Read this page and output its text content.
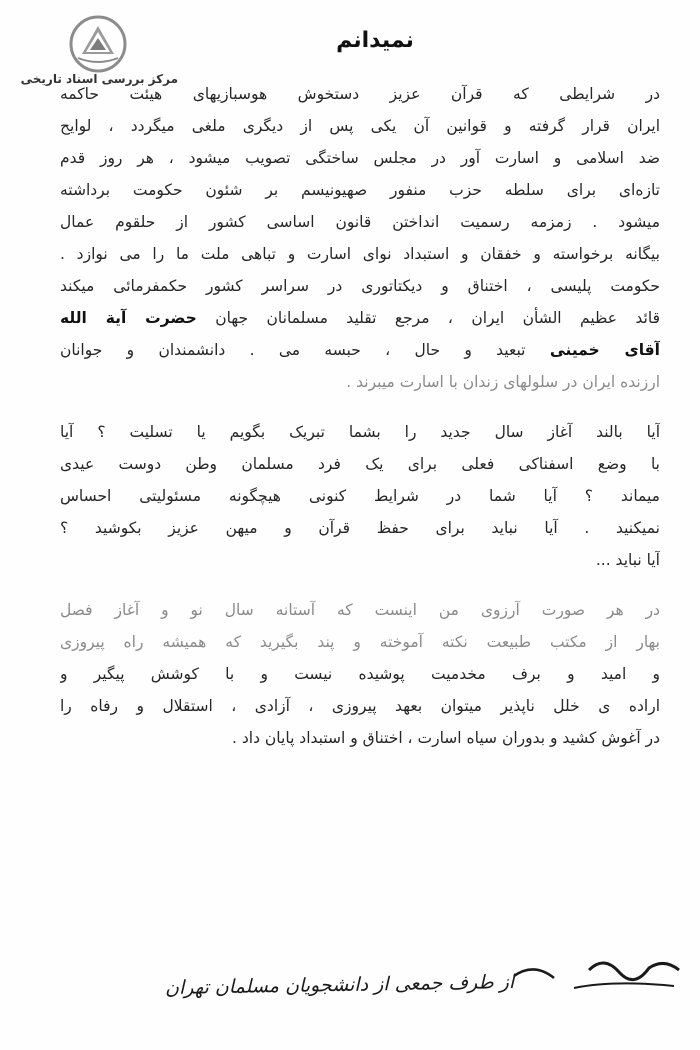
مرکز بررسی اسناد تاریخی
نمیدانم
در شرایطی که قرآن عزیز دستخوش هوسبازیهای هیئت حاکمه
ایران قرار گرفته و قوانین آن یکی پس از دیگری ملغی میگردد ، لوایح
ضد اسلامی و اسارت آور در مجلس ساختگی تصویب میشود ، هر روز قدم
تازه‌ای برای سلطه حزب منفور صهیونیسم بر شئون حکومت برداشته
میشود . زمزمه رسمیت انداختن قانون اساسی کشور از حلقوم عمال
بیگانه برخواسته و خفقان و استبداد نوای اسارت و تباهی ملت ما را می نوازد .
حکومت پلیسی ، اختناق و دیکتاتوری در سراسر کشور حکمفرمائی میکند
قائد عظیم الشأن ایران ، مرجع تقلید مسلمانان جهان حضرت آیة الله
آقای خمینی تبعید و حال ، حبسه می . دانشمندان و جوانان
ارزنده ایران در سلولهای زندان با اسارت میبرند .
آیا بالند آغاز سال جدید را بشما تبریک بگویم یا تسلیت ؟ آیا
با وضع اسفناکی فعلی برای یک فرد مسلمان وطن دوست عیدی
میماند ؟ آیا شما در شرایط کنونی هیچگونه مسئولیتی احساس
نمیکنید . آیا نباید برای حفظ قرآن و میهن عزیز بکوشید ؟
آیا نباید ...
در هر صورت آرزوی من اینست که آستانه سال نو و آغاز فصل
بهار از مکتب طبیعت نکته آموخته و پند بگیرید که همیشه راه پیروزی
و امید و برف مخدمیت پوشیده نیست و با کوشش پیگیر و
اراده ی خلل ناپذیر میتوان بعهد پیروزی ، آزادی ، استقلال و رفاه را
در آغوش کشید و بدوران سیاه اسارت ، اختناق و استبداد پایان داد .
از طرف جمعی از دانشجویان مسلمان تهران
